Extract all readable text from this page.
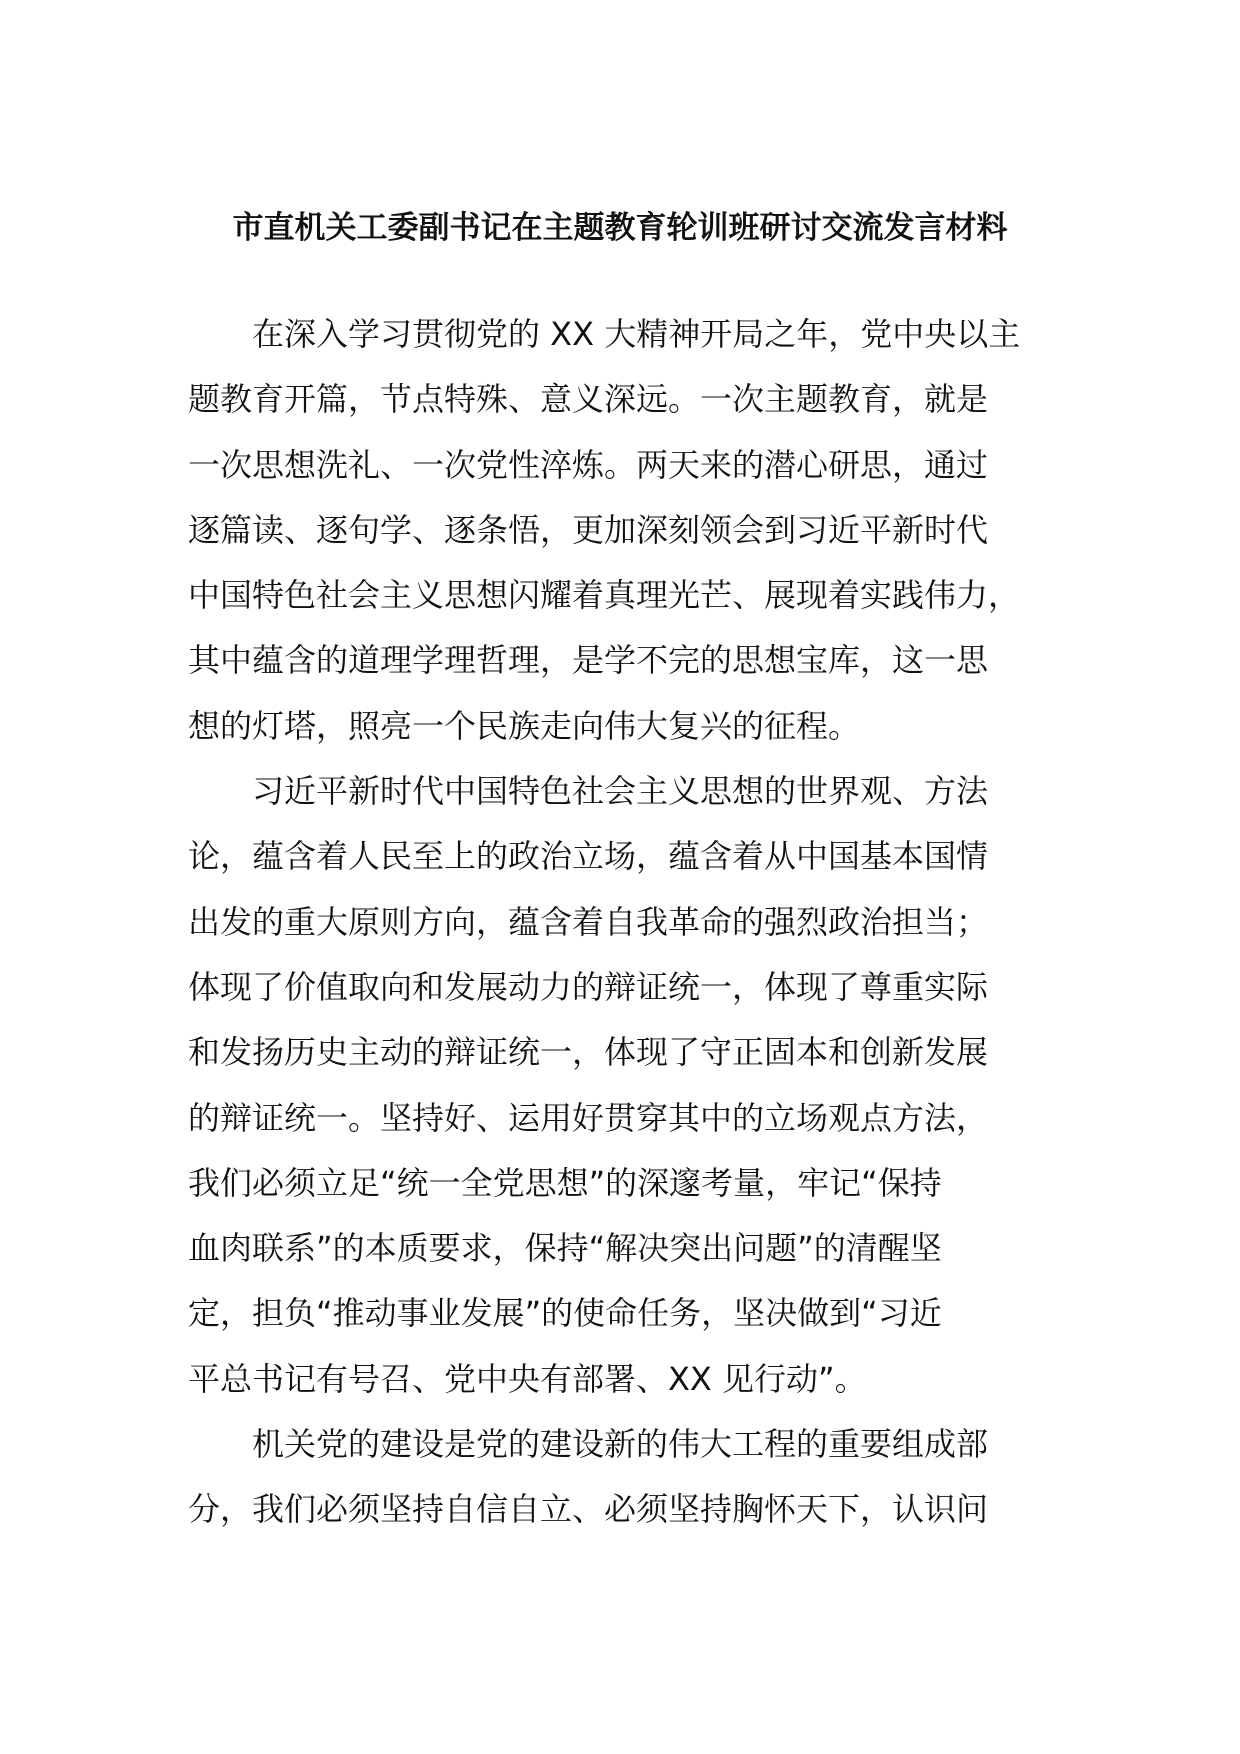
市直机关工委副书记在主题教育轮训班研讨交流发言材料
在深入学习贯彻党的 XX 大精神开局之年，党中央以主
题教育开篇，节点特殊、意义深远。一次主题教育，就是
一次思想洗礼、一次党性淬炼。两天来的潜心研思，通过
逐篇读、逐句学、逐条悟，更加深刻领会到习近平新时代
中国特色社会主义思想闪耀着真理光芒、展现着实践伟力，
其中蕴含的道理学理哲理，是学不完的思想宝库，这一思
想的灯塔，照亮一个民族走向伟大复兴的征程。
习近平新时代中国特色社会主义思想的世界观、方法
论，蕴含着人民至上的政治立场，蕴含着从中国基本国情
出发的重大原则方向，蕴含着自我革命的强烈政治担当；
体现了价值取向和发展动力的辩证统一，体现了尊重实际
和发扬历史主动的辩证统一，体现了守正固本和创新发展
的辩证统一。坚持好、运用好贯穿其中的立场观点方法，
我们必须立足“统一全党思想”的深邃考量，牢记“保持
血肉联系”的本质要求，保持“解决突出问题”的清醒坚
定，担负“推动事业发展”的使命任务，坚决做到“习近
平总书记有号召、党中央有部署、XX 见行动”。
机关党的建设是党的建设新的伟大工程的重要组成部
分，我们必须坚持自信自立、必须坚持胸怀天下，认识问
